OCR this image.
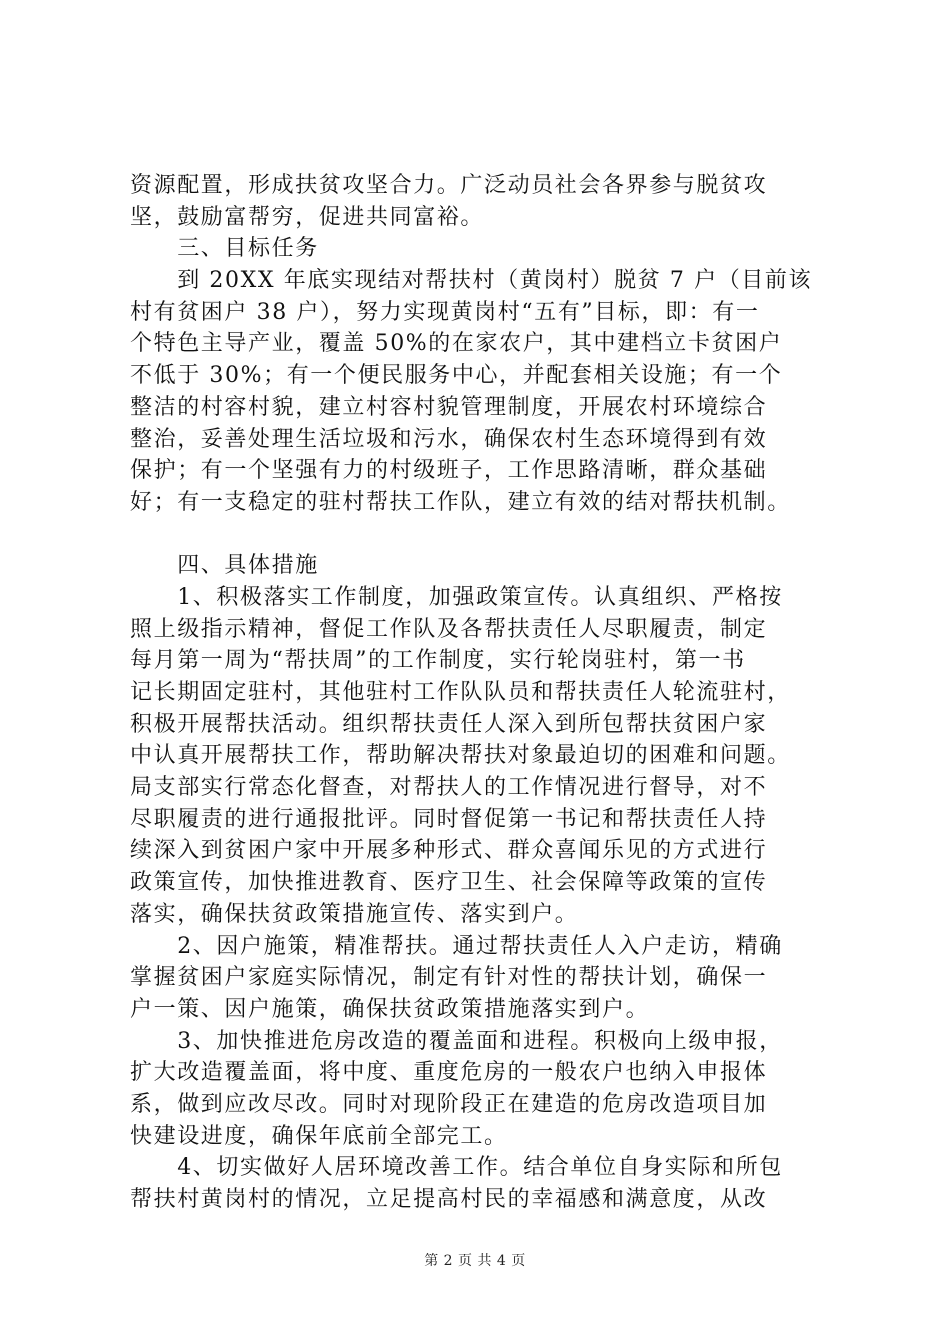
资源配置，形成扶贫攻坚合力。广泛动员社会各界参与脱贫攻
坚，鼓励富帮穷，促进共同富裕。
　　三、目标任务
　　到 20XX 年底实现结对帮扶村（黄岗村）脱贫 7 户（目前该
村有贫困户 38 户），努力实现黄岗村“五有”目标，即：有一
个特色主导产业，覆盖 50%的在家农户，其中建档立卡贫困户
不低于 30%；有一个便民服务中心，并配套相关设施；有一个
整洁的村容村貌，建立村容村貌管理制度，开展农村环境综合
整治，妥善处理生活垃圾和污水，确保农村生态环境得到有效
保护；有一个坚强有力的村级班子，工作思路清晰，群众基础
好；有一支稳定的驻村帮扶工作队，建立有效的结对帮扶机制。
　　四、具体措施
　　1、积极落实工作制度，加强政策宣传。认真组织、严格按
照上级指示精神，督促工作队及各帮扶责任人尽职履责，制定
每月第一周为“帮扶周”的工作制度，实行轮岗驻村，第一书
记长期固定驻村，其他驻村工作队队员和帮扶责任人轮流驻村，
积极开展帮扶活动。组织帮扶责任人深入到所包帮扶贫困户家
中认真开展帮扶工作，帮助解决帮扶对象最迫切的困难和问题。
局支部实行常态化督查，对帮扶人的工作情况进行督导，对不
尽职履责的进行通报批评。同时督促第一书记和帮扶责任人持
续深入到贫困户家中开展多种形式、群众喜闻乐见的方式进行
政策宣传，加快推进教育、医疗卫生、社会保障等政策的宣传
落实，确保扶贫政策措施宣传、落实到户。
　　2、因户施策，精准帮扶。通过帮扶责任人入户走访，精确
掌握贫困户家庭实际情况，制定有针对性的帮扶计划，确保一
户一策、因户施策，确保扶贫政策措施落实到户。
　　3、加快推进危房改造的覆盖面和进程。积极向上级申报，
扩大改造覆盖面，将中度、重度危房的一般农户也纳入申报体
系，做到应改尽改。同时对现阶段正在建造的危房改造项目加
快建设进度，确保年底前全部完工。
　　4、切实做好人居环境改善工作。结合单位自身实际和所包
帮扶村黄岗村的情况，立足提高村民的幸福感和满意度，从改
第 2 页 共 4 页
